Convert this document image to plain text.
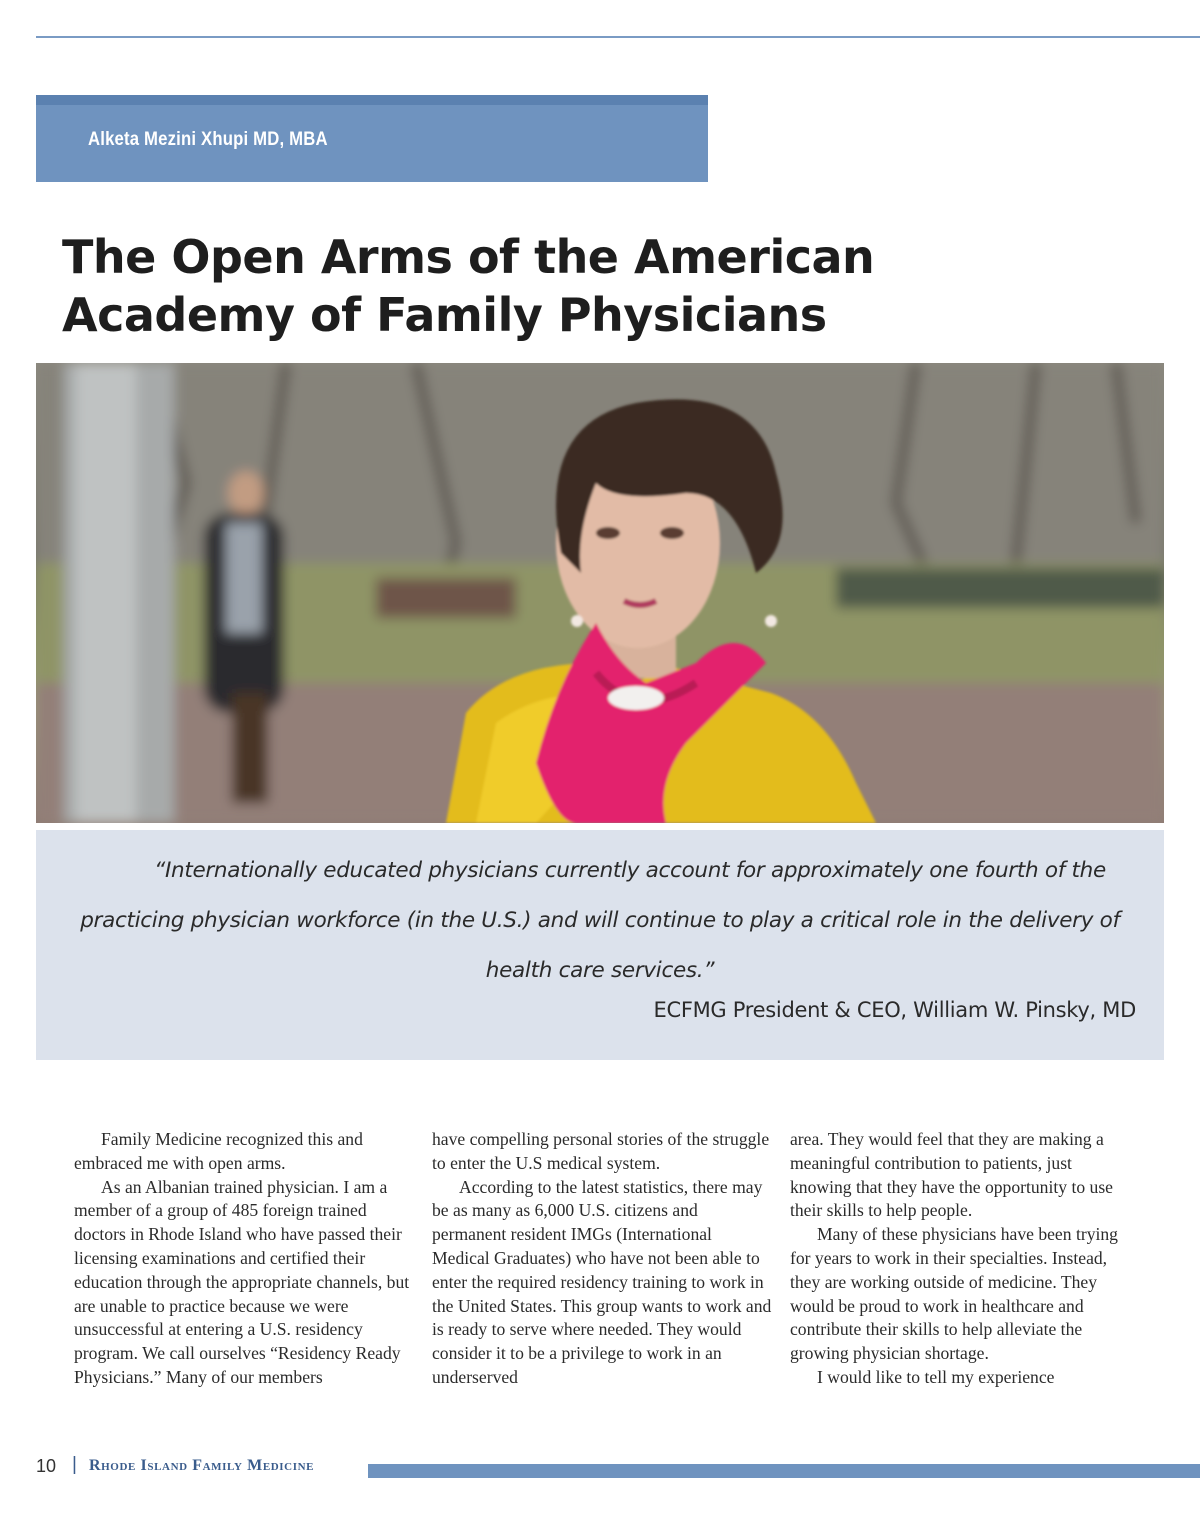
Alketa Mezini Xhupi MD, MBA
The Open Arms of the American
Academy of Family Physicians

“Internationally educated physicians currently account for approximately one fourth of the practicing physician workforce (in the U.S.) and will continue to play a critical role in the delivery of health care services.”

ECFMG President & CEO, William W. Pinsky, MD

Family Medicine recognized this and embraced me with open arms.

As an Albanian trained physician. I am a member of a group of 485 foreign trained doctors in Rhode Island who have passed their licensing examinations and certified their education through the appropriate channels, but are unable to practice because we were unsuccessful at entering a U.S. residency program. We call ourselves “Residency Ready Physicians.” Many of our members

have compelling personal stories of the struggle to enter the U.S medical system.

According to the latest statistics, there may be as many as 6,000 U.S. citizens and permanent resident IMGs (International Medical Graduates) who have not been able to enter the required residency training to work in the United States. This group wants to work and is ready to serve where needed. They would consider it to be a privilege to work in an underserved

area. They would feel that they are making a meaningful contribution to patients, just knowing that they have the opportunity to use their skills to help people.

Many of these physicians have been trying for years to work in their specialties. Instead, they are working outside of medicine. They would be proud to work in healthcare and contribute their skills to help alleviate the growing physician shortage.

I would like to tell my experience

10 | Rhode Island Family Medicine
